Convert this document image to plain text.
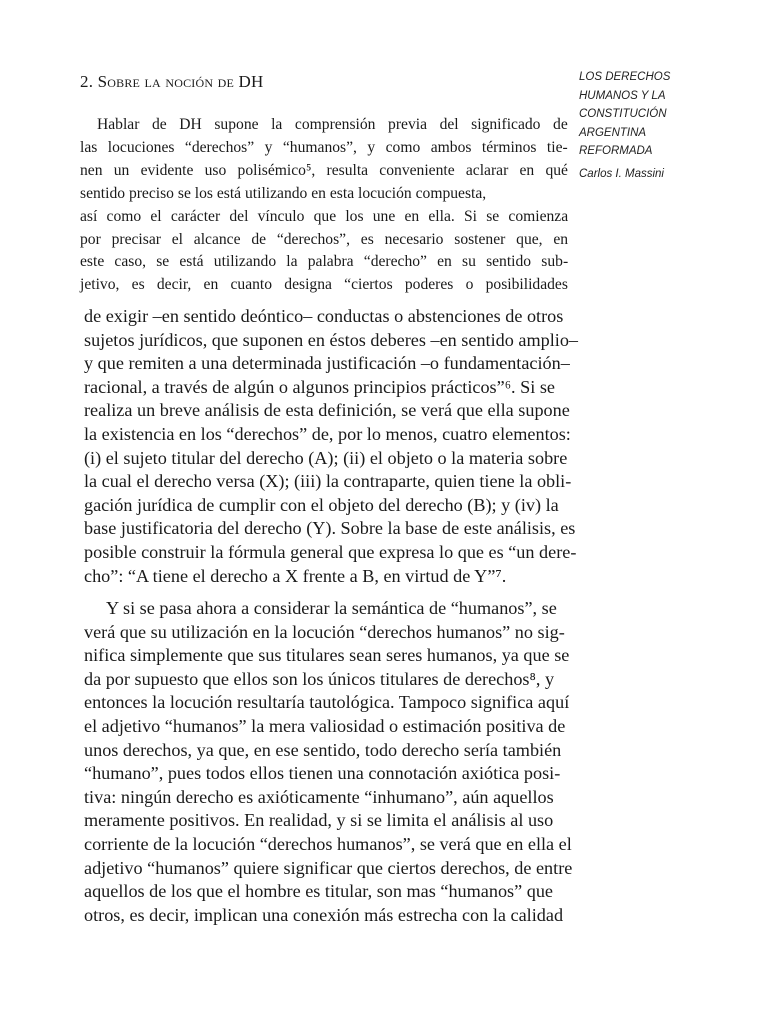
LOS DERECHOS
HUMANOS Y LA
CONSTITUCIÓN
ARGENTINA
REFORMADA
Carlos I. Massini
2. Sobre la noción de DH
Hablar de DH supone la comprensión previa del significado de
las locuciones “derechos” y “humanos”, y como ambos términos tie-
nen un evidente uso polisémico⁵, resulta conveniente aclarar en qué
sentido preciso se los está utilizando en esta locución compuesta,
así como el carácter del vínculo que los une en ella. Si se comienza
por precisar el alcance de “derechos”, es necesario sostener que, en
este caso, se está utilizando la palabra “derecho” en su sentido sub-
jetivo, es decir, en cuanto designa “ciertos poderes o posibilidades
de exigir –en sentido deóntico– conductas o abstenciones de otros
sujetos jurídicos, que suponen en éstos deberes –en sentido amplio–
y que remiten a una determinada justificación –o fundamentación–
racional, a través de algún o algunos principios prácticos”⁶. Si se
realiza un breve análisis de esta definición, se verá que ella supone
la existencia en los “derechos” de, por lo menos, cuatro elementos:
(i) el sujeto titular del derecho (A); (ii) el objeto o la materia sobre
la cual el derecho versa (X); (iii) la contraparte, quien tiene la obli-
gación jurídica de cumplir con el objeto del derecho (B); y (iv) la
base justificatoria del derecho (Y). Sobre la base de este análisis, es
posible construir la fórmula general que expresa lo que es “un dere-
cho”: “A tiene el derecho a X frente a B, en virtud de Y”⁷.
Y si se pasa ahora a considerar la semántica de “humanos”, se
verá que su utilización en la locución “derechos humanos” no sig-
nifica simplemente que sus titulares sean seres humanos, ya que se
da por supuesto que ellos son los únicos titulares de derechos⁸, y
entonces la locución resultaría tautológica. Tampoco significa aquí
el adjetivo “humanos” la mera valiosidad o estimación positiva de
unos derechos, ya que, en ese sentido, todo derecho sería también
“humano”, pues todos ellos tienen una connotación axiótica posi-
tiva: ningún derecho es axióticamente “inhumano”, aún aquellos
meramente positivos. En realidad, y si se limita el análisis al uso
corriente de la locución “derechos humanos”, se verá que en ella el
adjetivo “humanos” quiere significar que ciertos derechos, de entre
aquellos de los que el hombre es titular, son mas “humanos” que
otros, es decir, implican una conexión más estrecha con la calidad
